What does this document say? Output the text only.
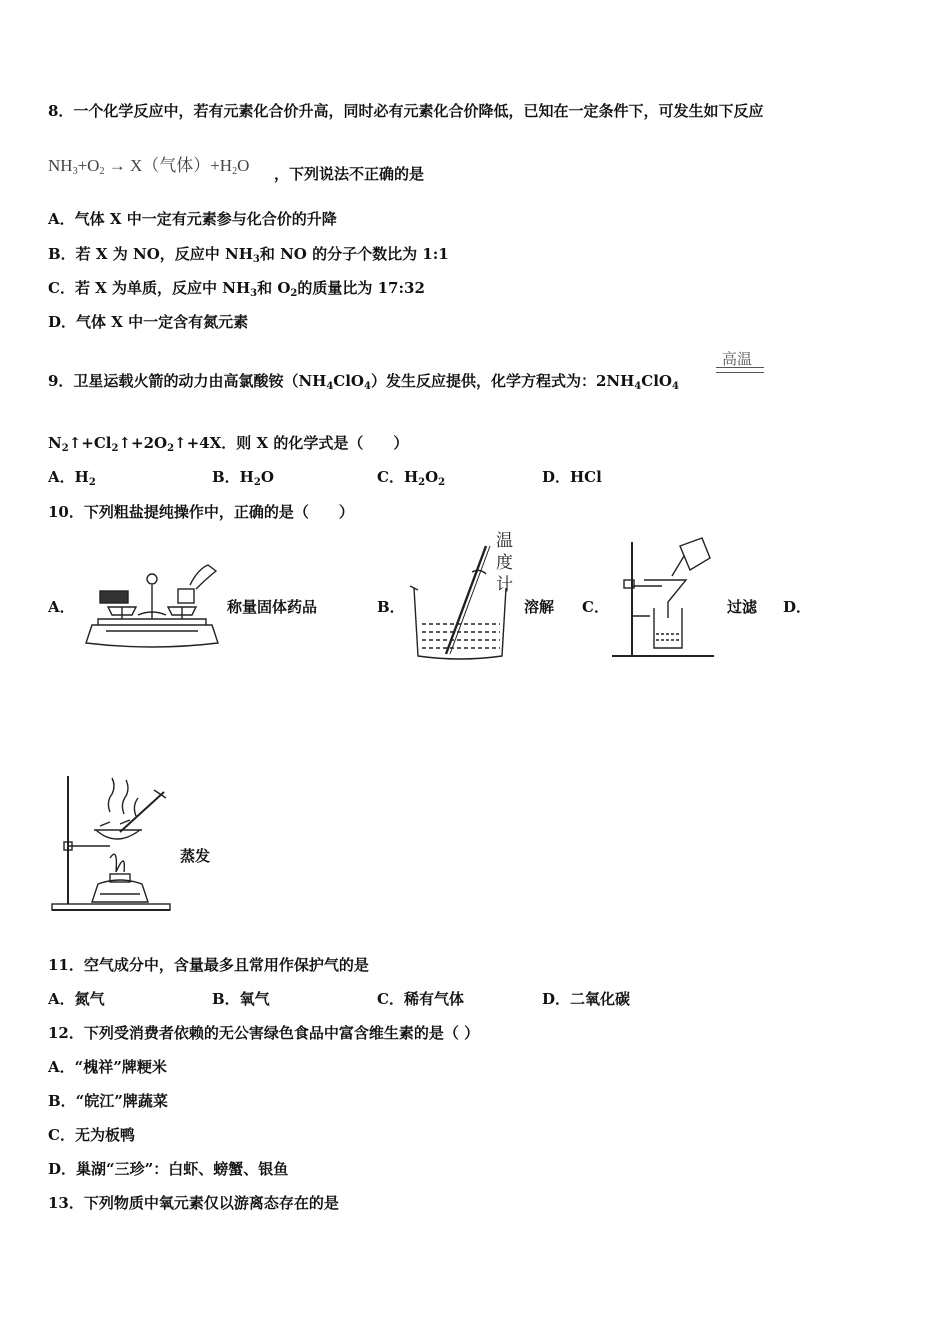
8．一个化学反应中，若有元素化合价升高，同时必有元素化合价降低，已知在一定条件下，可发生如下反应
$NH_3+O_2 \to X$（气体）$+H_2O$ ，下列说法不正确的是
A．气体 X 中一定有元素参与化合价的升降
B．若 X 为 NO，反应中 $NH_3$和 NO 的分子个数比为 1:1
C．若 X 为单质，反应中 $NH_3$和 $O_2$的质量比为 17:32
D．气体 X 中一定含有氮元素
9．卫星运载火箭的动力由高氯酸铵$(NH_4ClO_4)$发生反应提供，化学方程式为：$2NH_4ClO_4$
高温
$N_2↑+Cl_2↑+2O_2↑+4X$．则 X 的化学式是（　　）
A．$H_2$	B．$H_2O$	C．$H_2O_2$	D．HCl
10．下列粗盐提纯操作中，正确的是（　　）
A．	称量固体药品	B．
温度计
溶解 C．	过滤 D．
蒸发
11．空气成分中，含量最多且常用作保护气的是
A．氮气	B．氧气	C．稀有气体	D．二氧化碳
12．下列受消费者依赖的无公害绿色食品中富含维生素的是（ ）
A．“槐祥”牌粳米
B．“皖江”牌蔬菜
C．无为板鸭
D．巢湖“三珍”：白虾、螃蟹、银鱼
13．下列物质中氧元素仅以游离态存在的是
